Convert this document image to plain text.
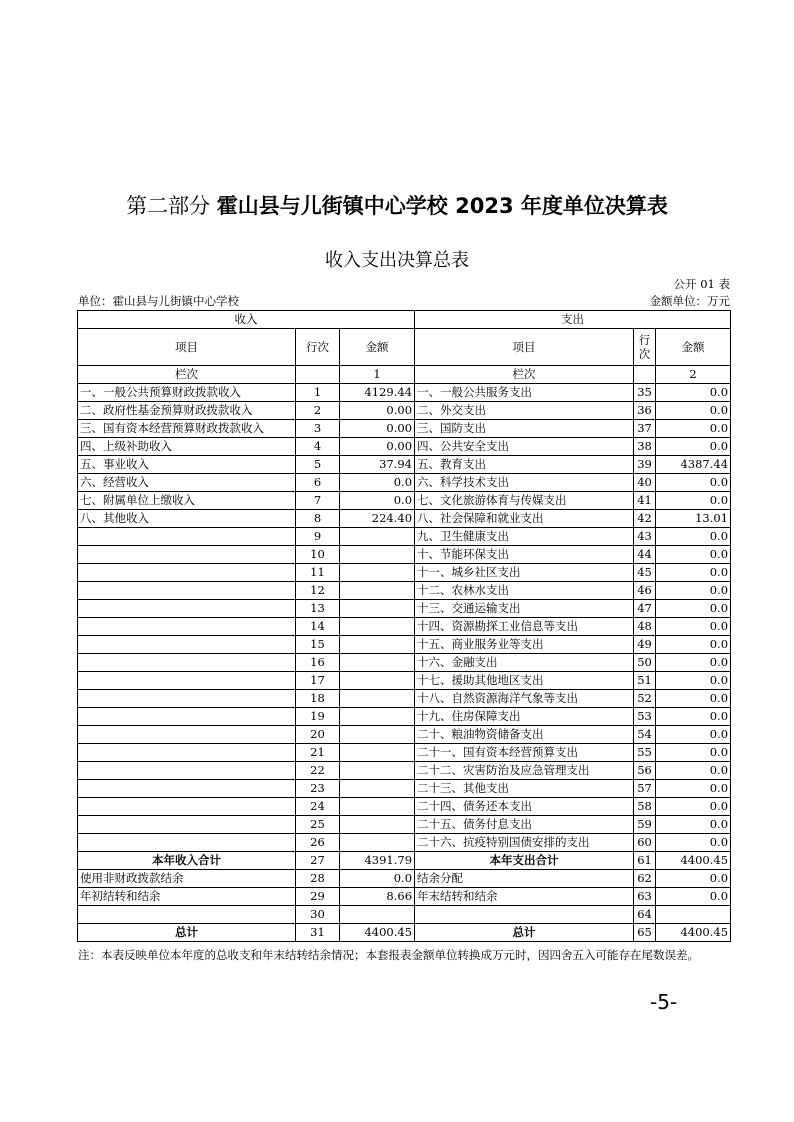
第二部分 霍山县与儿街镇中心学校 2023 年度单位决算表
收入支出决算总表
公开 01 表
单位：霍山县与儿街镇中心学校	金额单位：万元
收入			支出		
项目	行次	金额	项目	行
次	金额
栏次		1	栏次		2
一、一般公共预算财政拨款收入	1	4129.44	一、一般公共服务支出	35	0.0
二、政府性基金预算财政拨款收入	2	0.00	二、外交支出	36	0.0
三、国有资本经营预算财政拨款收入	3	0.00	三、国防支出	37	0.0
四、上级补助收入	4	0.00	四、公共安全支出	38	0.0
五、事业收入	5	37.94	五、教育支出	39	4387.44
六、经营收入	6	0.0	六、科学技术支出	40	0.0
七、附属单位上缴收入	7	0.0	七、文化旅游体育与传媒支出	41	0.0
八、其他收入	8	224.40	八、社会保障和就业支出	42	13.01
	9		九、卫生健康支出	43	0.0
	10		十、节能环保支出	44	0.0
	11		十一、城乡社区支出	45	0.0
	12		十二、农林水支出	46	0.0
	13		十三、交通运输支出	47	0.0
	14		十四、资源勘探工业信息等支出	48	0.0
	15		十五、商业服务业等支出	49	0.0
	16		十六、金融支出	50	0.0
	17		十七、援助其他地区支出	51	0.0
	18		十八、自然资源海洋气象等支出	52	0.0
	19		十九、住房保障支出	53	0.0
	20		二十、粮油物资储备支出	54	0.0
	21		二十一、国有资本经营预算支出	55	0.0
	22		二十二、灾害防治及应急管理支出	56	0.0
	23		二十三、其他支出	57	0.0
	24		二十四、债务还本支出	58	0.0
	25		二十五、债务付息支出	59	0.0
	26		二十六、抗疫特别国债安排的支出	60	0.0
本年收入合计	27	4391.79	本年支出合计	61	4400.45
使用非财政拨款结余	28	0.0	结余分配	62	0.0
年初结转和结余	29	8.66	年末结转和结余	63	0.0
	30			64	
总计	31	4400.45	总计	65	4400.45
注：本表反映单位本年度的总收支和年末结转结余情况；本套报表金额单位转换成万元时，因四舍五入可能存在尾数误差。
-5-
